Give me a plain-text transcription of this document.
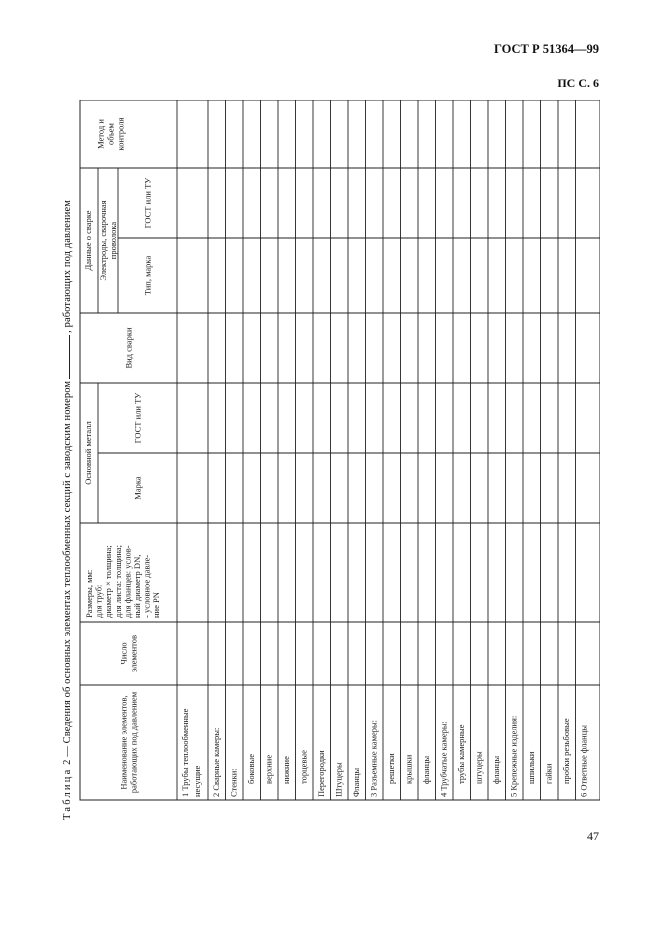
ГОСТ Р 51364—99
ПС С. 6
47
Таблица 2 — Сведения об основных элементах теплообменных секций с заводским номером, работающих под давлением
Наименование элементов, работающих под давлением
Число элементов
Размеры, мм: для труб: диаметр × толщина; для листа: толщина; для фланцев: услов- ный диаметр DN, - условное давле- ние PN
Основной металл
Марка
ГОСТ или ТУ
Вид сварки
Данные о сварке Электроды, сварочная проволока
Тип, марка
ГОСТ или ТУ
Метод и объем контроля
1 Трубы теплообменные несущие 2 Сварные камеры: Стенки: боковые верхние нижние торцевые Перегородки Штуцеры Фланцы 3 Разъемные камеры: решетки крышки фланцы 4 Трубчатые камеры: трубы камерные штуцеры фланцы 5 Крепежные изделия: шпильки гайки пробки резьбовые 6 Ответные фланцы
